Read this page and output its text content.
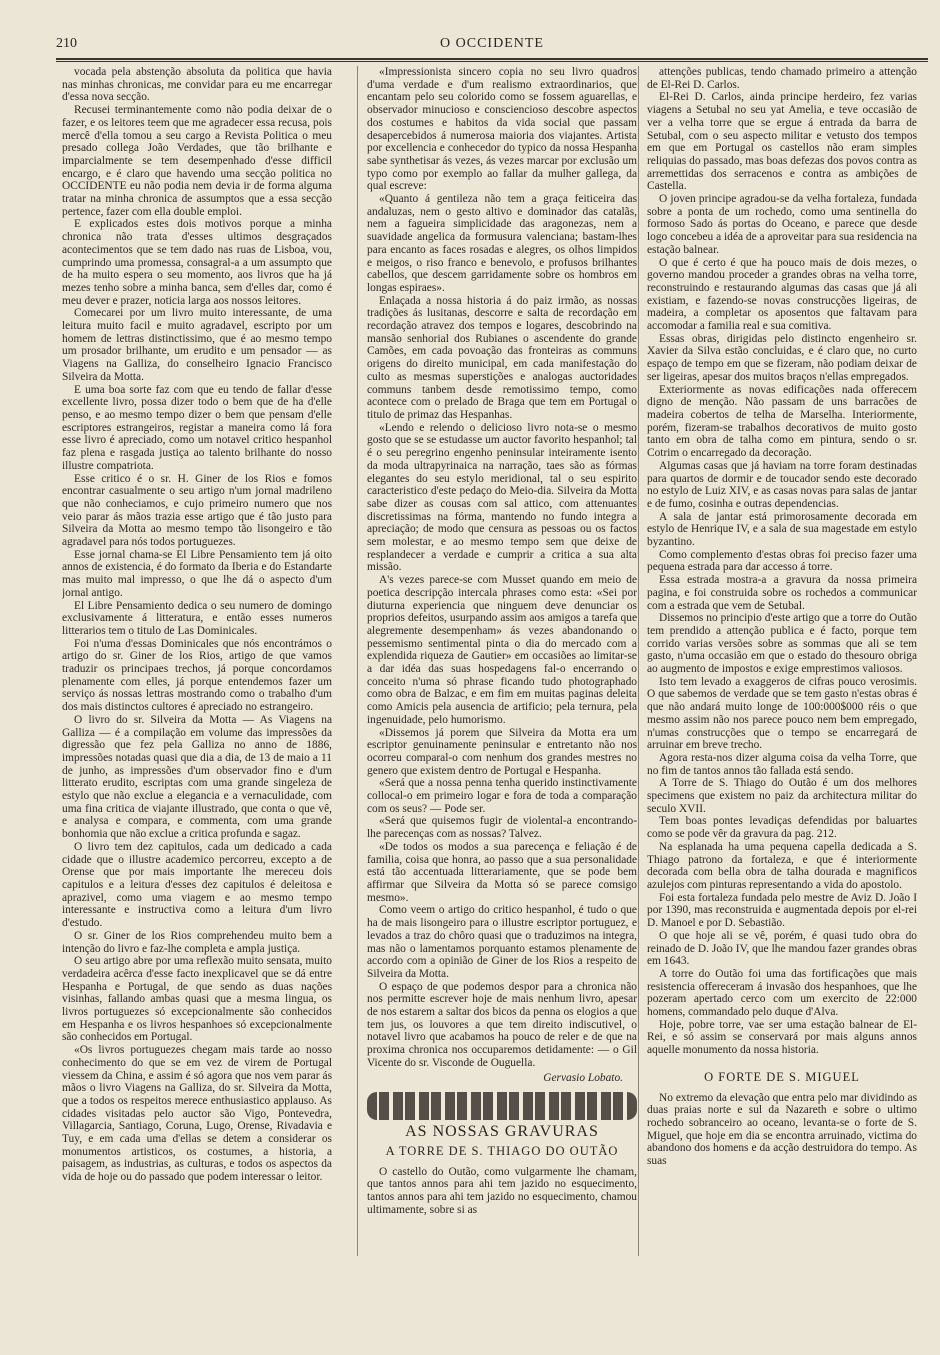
210	O OCCIDENTE

vocada pela abstenção absoluta da politica que havia nas minhas chronicas, me convidar para eu me encarregar d'essa nova secção.

Recusei terminantemente como não podia deixar de o fazer, e os leitores teem que me agradecer essa recusa, pois mercê d'ella tomou a seu cargo a Revista Politica o meu presado collega João Verdades, que tão brilhante e imparcialmente se tem desempenhado d'esse difficil encargo, e é claro que havendo uma secção politica no OCCIDENTE eu não podia nem devia ir de forma alguma tratar na minha chronica de assumptos que a essa secção pertence, fazer com ella double emploi.

E explicados estes dois motivos porque a minha chronica não trata d'esses ultimos desgraçados acontecimentos que se tem dado nas ruas de Lisboa, vou, cumprindo uma promessa, consagral-a a um assumpto que de ha muito espera o seu momento, aos livros que ha já mezes tenho sobre a minha banca, sem d'elles dar, como é meu dever e prazer, noticia larga aos nossos leitores.

Comecarei por um livro muito interessante, de uma leitura muito facil e muito agradavel, escripto por um homem de lettras distinctissimo, que é ao mesmo tempo um prosador brilhante, um erudito e um pensador — as Viagens na Galliza, do conselheiro Ignacio Francisco Silveira da Motta.

E uma boa sorte faz com que eu tendo de fallar d'esse excellente livro, possa dizer todo o bem que de ha d'elle penso, e ao mesmo tempo dizer o bem que pensam d'elle escriptores estrangeiros, registar a maneira como lá fora esse livro é apreciado, como um notavel critico hespanhol faz plena e rasgada justiça ao talento brilhante do nosso illustre compatriota.

Esse critico é o sr. H. Giner de los Rios e fomos encontrar casualmente o seu artigo n'um jornal madrileno que não conheciamos, e cujo primeiro numero que nos veio parar ás mãos trazia esse artigo que é tão justo para Silveira da Motta ao mesmo tempo tão lisongeiro e tão agradavel para nós todos portuguezes.

Esse jornal chama-se El Libre Pensamiento tem já oito annos de existencia, é do formato da Iberia e do Estandarte mas muito mal impresso, o que lhe dá o aspecto d'um jornal antigo.

El Libre Pensamiento dedica o seu numero de domingo exclusivamente á litteratura, e então esses numeros litterarios tem o titulo de Las Dominicales.

Foi n'uma d'essas Dominicales que nós encontrámos o artigo do sr. Giner de los Rios, artigo de que vamos traduzir os principaes trechos, já porque concordamos plenamente com elles, já porque entendemos fazer um serviço ás nossas lettras mostrando como o trabalho d'um dos mais distinctos cultores é apreciado no estrangeiro.

O livro do sr. Silveira da Motta — As Viagens na Galliza — é a compilação em volume das impressões da digressão que fez pela Galliza no anno de 1886, impressões notadas quasi que dia a dia, de 13 de maio a 11 de junho, as impressões d'um observador fino e d'um litterato erudito, escriptas com uma grande singeleza de estylo que não exclue a elegancia e a vernaculidade, com uma fina critica de viajante illustrado, que conta o que vê, e analysa e compara, e commenta, com uma grande bonhomia que não exclue a critica profunda e sagaz.

O livro tem dez capitulos, cada um dedicado a cada cidade que o illustre academico percorreu, excepto a de Orense que por mais importante lhe mereceu dois capitulos e a leitura d'esses dez capitulos é deleitosa e aprazivel, como uma viagem e ao mesmo tempo interessante e instructiva como a leitura d'um livro d'estudo.

O sr. Giner de los Rios comprehendeu muito bem a intenção do livro e faz-lhe completa e ampla justiça.

O seu artigo abre por uma reflexão muito sensata, muito verdadeira acêrca d'esse facto inexplicavel que se dá entre Hespanha e Portugal, de que sendo as duas nações visinhas, fallando ambas quasi que a mesma lingua, os livros portuguezes só excepcionalmente são conhecidos em Hespanha e os livros hespanhoes só excepcionalmente são conhecidos em Portugal.

«Os livros portuguezes chegam mais tarde ao nosso conhecimento do que se em vez de virem de Portugal viessem da China, e assim é só agora que nos vem parar ás mãos o livro Viagens na Galliza, do sr. Silveira da Motta, que a todos os respeitos merece enthusiastico applauso. As cidades visitadas pelo auctor são Vigo, Pontevedra, Villagarcia, Santiago, Coruna, Lugo, Orense, Rivadavia e Tuy, e em cada uma d'ellas se detem a considerar os monumentos artisticos, os costumes, a historia, a paisagem, as industrias, as culturas, e todos os aspectos da vida de hoje ou do passado que podem interessar o leitor.

«Impressionista sincero copia no seu livro quadros d'uma verdade e d'um realismo extraordinarios, que encantam pelo seu colorido como se fossem aguarellas, e observador minucioso e consciencioso descobre aspectos dos costumes e habitos da vida social que passam desapercebidos á numerosa maioria dos viajantes. Artista por excellencia e conhecedor do typico da nossa Hespanha sabe synthetisar ás vezes, ás vezes marcar por exclusão um typo como por exemplo ao fallar da mulher gallega, da qual escreve:

«Quanto á gentileza não tem a graça feiticeira das andaluzas, nem o gesto altivo e dominador das catalãs, nem a fagueira simplicidade das aragonezas, nem a suavidade angelica da formusura valenciana; bastam-lhes para encanto as faces rosadas e alegres, os olhos limpidos e meigos, o riso franco e benevolo, e profusos brilhantes cabellos, que descem garridamente sobre os hombros em longas espiraes».

Enlaçada a nossa historia á do paiz irmão, as nossas tradições ás lusitanas, descorre e salta de recordação em recordação atravez dos tempos e logares, descobrindo na mansão senhorial dos Rubianes o ascendente do grande Camões, em cada povoação das fronteiras as communs origens do direito municipal, em cada manifestação do culto as mesmas superstições e analogas auctoridades communs tanbem desde remotissimo tempo, como acontece com o prelado de Braga que tem em Portugal o titulo de primaz das Hespanhas.

«Lendo e relendo o delicioso livro nota-se o mesmo gosto que se se estudasse um auctor favorito hespanhol; tal é o seu peregrino engenho peninsular inteiramente isento da moda ultrapyrinaica na narração, taes são as fórmas elegantes do seu estylo meridional, tal o seu espirito caracteristico d'este pedaço do Meio-dia. Silveira da Motta sabe dizer as cousas com sal attico, com attenuantes discretissimas na fórma, mantendo no fundo integra a apreciação; de modo que censura as pessoas ou os factos sem molestar, e ao mesmo tempo sem que deixe de resplandecer a verdade e cumprir a critica a sua alta missão.

A's vezes parece-se com Musset quando em meio de poetica descripção intercala phrases como esta: «Sei por diuturna experiencia que ninguem deve denunciar os proprios defeitos, usurpando assim aos amigos a tarefa que alegremente desempenham» ás vezes abandonando o pessemismo sentimental pinta o dia do mercado com a explendida riqueza de Gautier» em occasiões ao limitar-se a dar idéa das suas hospedagens fal-o encerrando o conceito n'uma só phrase ficando tudo photographado como obra de Balzac, e em fim em muitas paginas deleita como Amicis pela ausencia de artificio; pela ternura, pela ingenuidade, pelo humorismo.

«Dissemos já porem que Silveira da Motta era um escriptor genuinamente peninsular e entretanto não nos ocorreu comparal-o com nenhum dos grandes mestres no genero que existem dentro de Portugal e Hespanha.

«Será que a nossa penna tenha querido instinctivamente collocal-o em primeiro logar e fora de toda a comparação com os seus? — Pode ser.

«Será que quisemos fugir de violental-a encontrando-lhe parecenças com as nossas? Talvez.

«De todos os modos a sua parecença e feliação é de familia, coisa que honra, ao passo que a sua personalidade está tão accentuada litterariamente, que se pode bem affirmar que Silveira da Motta só se parece comsigo mesmo».

Como veem o artigo do critico hespanhol, é tudo o que ha de mais lisongeiro para o illustre escriptor portuguez, e levados a traz do chôro quasi que o traduzimos na integra, mas não o lamentamos porquanto estamos plenamente de accordo com a opinião de Giner de los Rios a respeito de Silveira da Motta.

O espaço de que podemos despor para a chronica não nos permitte escrever hoje de mais nenhum livro, apesar de nos estarem a saltar dos bicos da penna os elogios a que tem jus, os louvores a que tem direito indiscutivel, o notavel livro que acabamos ha pouco de reler e de que na proxima chronica nos occuparemos detidamente: — o Gil Vicente do sr. Visconde de Ouguella.

Gervasio Lobato.

AS NOSSAS GRAVURAS
A TORRE DE S. THIAGO DO OUTÃO

O castello do Outão, como vulgarmente lhe chamam, que tantos annos para ahi tem jazido no esquecimento, tantos annos para ahi tem jazido no esquecimento, chamou ultimamente, sobre si as

attenções publicas, tendo chamado primeiro a attenção de El-Rei D. Carlos.

El-Rei D. Carlos, ainda principe herdeiro, fez varias viagens a Setubal no seu yat Amelia, e teve occasião de ver a velha torre que se ergue á entrada da barra de Setubal, com o seu aspecto militar e vetusto dos tempos em que em Portugal os castellos não eram simples reliquias do passado, mas boas defezas dos povos contra as arremettidas dos serracenos e contra as ambições de Castella.

O joven principe agradou-se da velha fortaleza, fundada sobre a ponta de um rochedo, como uma sentinella do formoso Sado ás portas do Oceano, e parece que desde logo concebeu a idéa de a aproveitar para sua residencia na estação balnear.

O que é certo é que ha pouco mais de dois mezes, o governo mandou proceder a grandes obras na velha torre, reconstruindo e restaurando algumas das casas que já ali existiam, e fazendo-se novas construcções ligeiras, de madeira, a completar os aposentos que faltavam para accomodar a familia real e sua comitiva.

Essas obras, dirigidas pelo distincto engenheiro sr. Xavier da Silva estão concluidas, e é claro que, no curto espaço de tempo em que se fizeram, não podiam deixar de ser ligeiras, apesar dos muitos braços n'ellas empregados.

Exteriormente as novas edificações nada offerecem digno de menção. Não passam de uns barracões de madeira cobertos de telha de Marselha. Interiormente, porém, fizeram-se trabalhos decorativos de muito gosto tanto em obra de talha como em pintura, sendo o sr. Cotrim o encarregado da decoração.

Algumas casas que já haviam na torre foram destinadas para quartos de dormir e de toucador sendo este decorado no estylo de Luiz XIV, e as casas novas para salas de jantar e de fumo, cosinha e outras dependencias.

A sala de jantar está primorosamente decorada em estylo de Henrique IV, e a sala de sua magestade em estylo byzantino.

Como complemento d'estas obras foi preciso fazer uma pequena estrada para dar accesso á torre.

Essa estrada mostra-a a gravura da nossa primeira pagina, e foi construida sobre os rochedos a communicar com a estrada que vem de Setubal.

Dissemos no principio d'este artigo que a torre do Outão tem prendido a attenção publica e é facto, porque tem corrido varias versões sobre as sommas que ali se tem gasto, n'uma occasião em que o estado do thesouro obriga ao augmento de impostos e exige emprestimos valiosos.

Isto tem levado a exaggeros de cifras pouco verosimis. O que sabemos de verdade que se tem gasto n'estas obras é que não andará muito longe de 100:000$000 réis o que mesmo assim não nos parece pouco nem bem empregado, n'umas construcções que o tempo se encarregará de arruinar em breve trecho.

Agora resta-nos dizer alguma coisa da velha Torre, que no fim de tantos annos tão fallada está sendo.

A Torre de S. Thiago do Outão é um dos melhores specimens que existem no paiz da architectura militar do seculo XVII.

Tem boas pontes levadiças defendidas por baluartes como se pode vêr da gravura da pag. 212.

Na esplanada ha uma pequena capella dedicada a S. Thiago patrono da fortaleza, e que é interiormente decorada com bella obra de talha dourada e magnificos azulejos com pinturas representando a vida do apostolo.

Foi esta fortaleza fundada pelo mestre de Aviz D. João I por 1390, mas reconstruida e augmentada depois por el-rei D. Manoel e por D. Sebastião.

O que hoje ali se vê, porém, é quasi tudo obra do reinado de D. João IV, que lhe mandou fazer grandes obras em 1643.

A torre do Outão foi uma das fortificações que mais resistencia offereceram á invasão dos hespanhoes, que lhe pozeram apertado cerco com um exercito de 22:000 homens, commandado pelo duque d'Alva.

Hoje, pobre torre, vae ser uma estação balnear de El-Rei, e só assim se conservará por mais alguns annos aquelle monumento da nossa historia.

O FORTE DE S. MIGUEL

No extremo da elevação que entra pelo mar dividindo as duas praias norte e sul da Nazareth e sobre o ultimo rochedo sobranceiro ao oceano, levanta-se o forte de S. Miguel, que hoje em dia se encontra arruinado, victima do abandono dos homens e da acção destruidora do tempo. As suas
